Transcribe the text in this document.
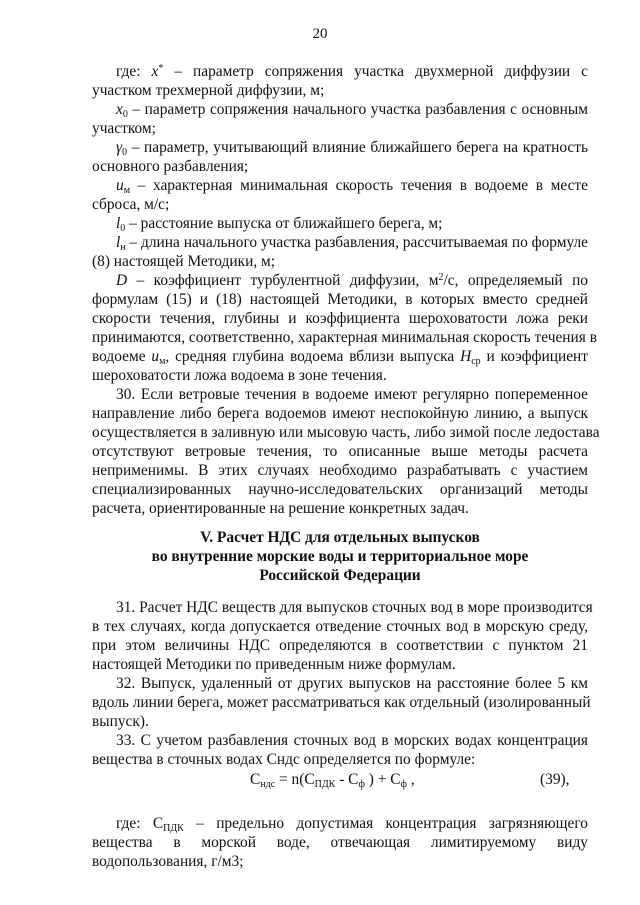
20
где: x* – параметр сопряжения участка двухмерной диффузии с
участком трехмерной диффузии, м;
$x_0$ – параметр сопряжения начального участка разбавления с основным
участком;
$\gamma_0$ – параметр, учитывающий влияние ближайшего берега на кратность
основного разбавления;
$u_м$ – характерная минимальная скорость течения в водоеме в месте
сброса, м/с;
$l_0$ – расстояние выпуска от ближайшего берега, м;
$l_н$ – длина начального участка разбавления, рассчитываемая по формуле
(8) настоящей Методики, м;
D – коэффициент турбулентной диффузии, $м^2/с$, определяемый по
формулам (15) и (18) настоящей Методики, в которых вместо средней
скорости течения, глубины и коэффициента шероховатости ложа реки
принимаются, соответственно, характерная минимальная скорость течения в
водоеме $u_м$, средняя глубина водоема вблизи выпуска $H_{ср}$ и коэффициент
шероховатости ложа водоема в зоне течения.
30. Если ветровые течения в водоеме имеют регулярно попеременное
направление либо берега водоемов имеют неспокойную линию, а выпуск
осуществляется в заливную или мысовую часть, либо зимой после ледостава
отсутствуют ветровые течения, то описанные выше методы расчета
неприменимы. В этих случаях необходимо разрабатывать с участием
специализированных научно-исследовательских организаций методы
расчета, ориентированные на решение конкретных задач.
V. Расчет НДС для отдельных выпусков
во внутренние морские воды и территориальное море
Российской Федерации
31. Расчет НДС веществ для выпусков сточных вод в море производится
в тех случаях, когда допускается отведение сточных вод в морскую среду,
при этом величины НДС определяются в соответствии с пунктом 21
настоящей Методики по приведенным ниже формулам.
32. Выпуск, удаленный от других выпусков на расстояние более 5 км
вдоль линии берега, может рассматриваться как отдельный (изолированный
выпуск).
33. С учетом разбавления сточных вод в морских водах концентрация
$C_{ндс} = n(C_{ПДК} - C_ф$ ) + $C_ф$ ,	(39),
вещества в сточных водах Cндс определяется по формуле:
где: $С_{ПДК}$ – предельно допустимая концентрация загрязняющего
вещества в морской воде, отвечающая лимитируемому виду
водопользования, г/м3;
